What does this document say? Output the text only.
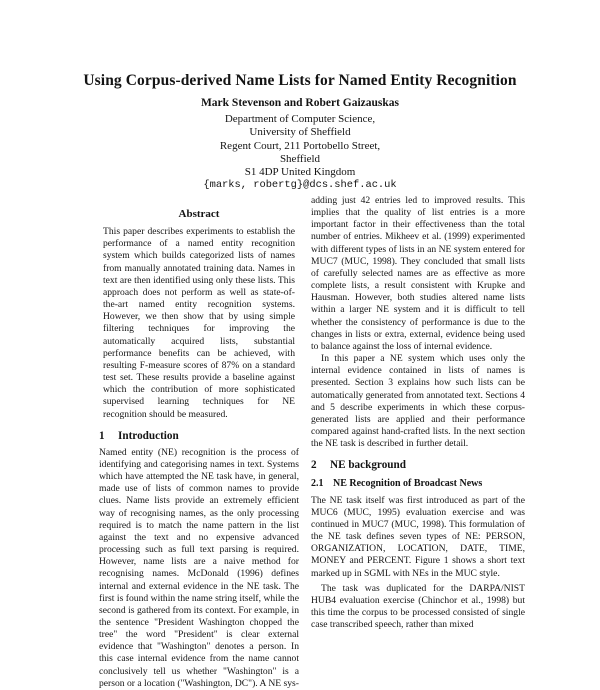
Using Corpus-derived Name Lists for Named Entity Recognition
Mark Stevenson and Robert Gaizauskas
Department of Computer Science,
University of Sheffield
Regent Court, 211 Portobello Street,
Sheffield
S1 4DP United Kingdom
{marks, robertg}@dcs.shef.ac.uk
Abstract

This paper describes experiments to establish the performance of a named entity recognition system which builds categorized lists of names from manually annotated training data. Names in text are then identified using only these lists. This approach does not perform as well as state-of-the-art named entity recognition systems. However, we then show that by using simple filtering techniques for improving the automatically acquired lists, substantial performance benefits can be achieved, with resulting F-measure scores of 87% on a standard test set. These results provide a baseline against which the contribution of more sophisticated supervised learning techniques for NE recognition should be measured.

1 Introduction

Named entity (NE) recognition is the process of identifying and categorising names in text. Systems which have attempted the NE task have, in general, made use of lists of common names to provide clues. Name lists provide an extremely efficient way of recognising names, as the only processing required is to match the name pattern in the list against the text and no expensive advanced processing such as full text parsing is required. However, name lists are a naive method for recognising names. McDonald (1996) defines internal and external evidence in the NE task. The first is found within the name string itself, while the second is gathered from its context. For example, in the sentence "President Washington chopped the tree" the word "President" is clear external evidence that "Washington" denotes a person. In this case internal evidence from the name cannot conclusively tell us whether "Washington" is a person or a location ("Washington, DC"). A NE sys-

adding just 42 entries led to improved results. This implies that the quality of list entries is a more important factor in their effectiveness than the total number of entries. Mikheev et al. (1999) experimented with different types of lists in an NE system entered for MUC7 (MUC, 1998). They concluded that small lists of carefully selected names are as effective as more complete lists, a result consistent with Krupke and Hausman. However, both studies altered name lists within a larger NE system and it is difficult to tell whether the consistency of performance is due to the changes in lists or extra, external, evidence being used to balance against the loss of internal evidence.

In this paper a NE system which uses only the internal evidence contained in lists of names is presented. Section 3 explains how such lists can be automatically generated from annotated text. Sections 4 and 5 describe experiments in which these corpus-generated lists are applied and their performance compared against hand-crafted lists. In the next section the NE task is described in further detail.

2 NE background
2.1 NE Recognition of Broadcast News

The NE task itself was first introduced as part of the MUC6 (MUC, 1995) evaluation exercise and was continued in MUC7 (MUC, 1998). This formulation of the NE task defines seven types of NE: PERSON, ORGANIZATION, LOCATION, DATE, TIME, MONEY and PERCENT. Figure 1 shows a short text marked up in SGML with NEs in the MUC style.

The task was duplicated for the DARPA/NIST HUB4 evaluation exercise (Chinchor et al., 1998) but this time the corpus to be processed consisted of single case transcribed speech, rather than mixed
